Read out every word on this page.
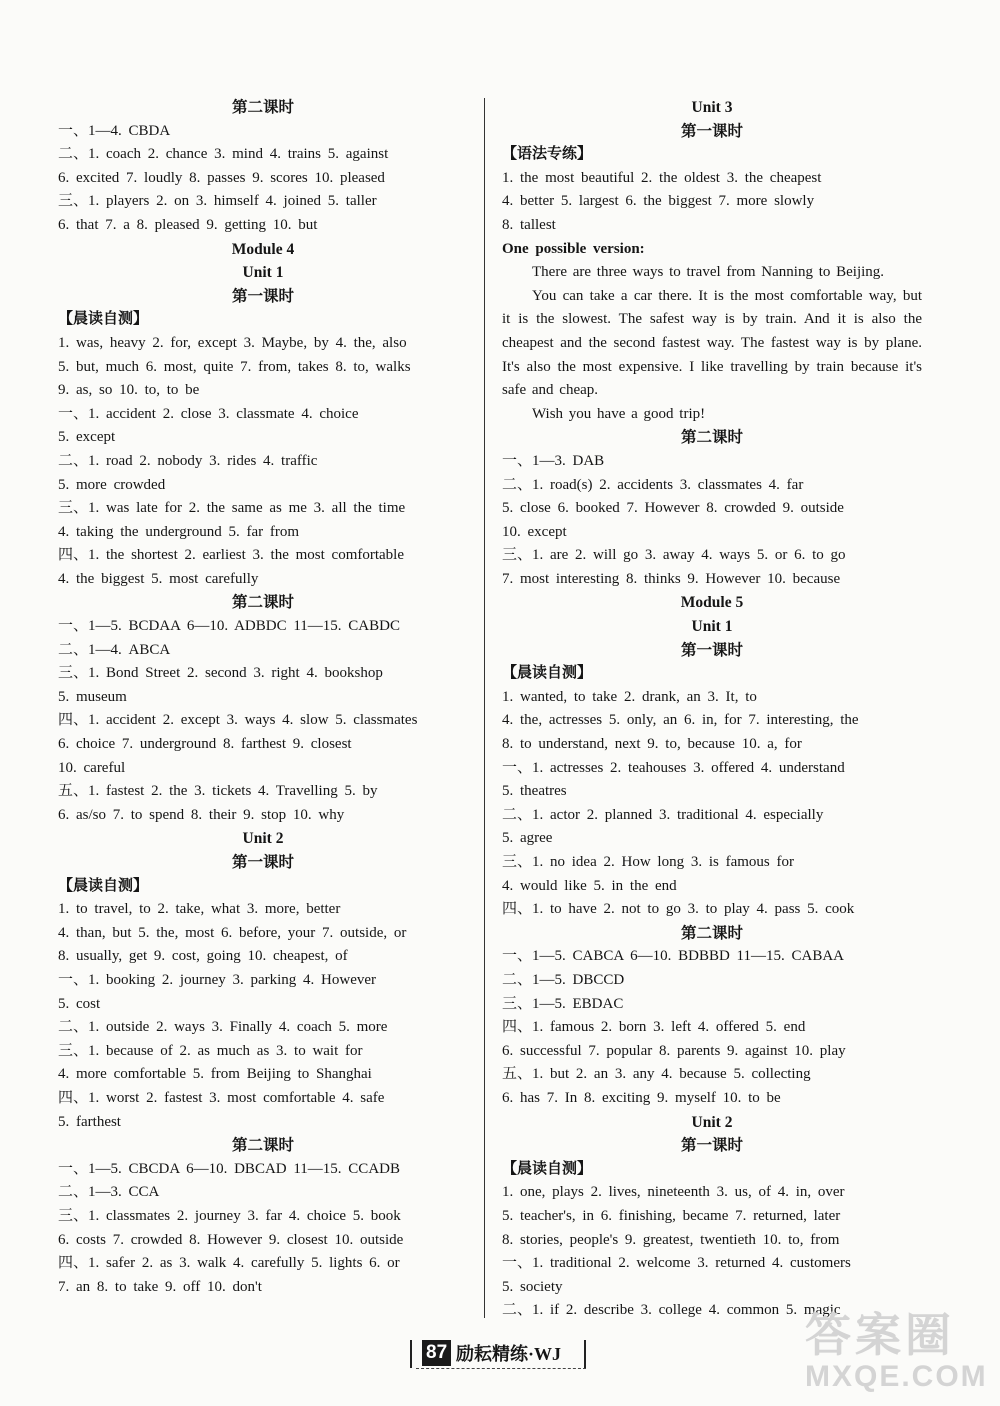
第二课时
一、1—4. CBDA
二、1. coach 2. chance 3. mind 4. trains 5. against
6. excited 7. loudly 8. passes 9. scores 10. pleased
三、1. players 2. on 3. himself 4. joined 5. taller
6. that 7. a 8. pleased 9. getting 10. but
Module 4
Unit 1
第一课时
【晨读自测】
1. was, heavy 2. for, except 3. Maybe, by 4. the, also
5. but, much 6. most, quite 7. from, takes 8. to, walks
9. as, so 10. to, to be
一、1. accident 2. close 3. classmate 4. choice
5. except
二、1. road 2. nobody 3. rides 4. traffic
5. more crowded
三、1. was late for 2. the same as me 3. all the time
4. taking the underground 5. far from
四、1. the shortest 2. earliest 3. the most comfortable
4. the biggest 5. most carefully
第二课时
一、1—5. BCDAA 6—10. ADBDC 11—15. CABDC
二、1—4. ABCA
三、1. Bond Street 2. second 3. right 4. bookshop
5. museum
四、1. accident 2. except 3. ways 4. slow 5. classmates
6. choice 7. underground 8. farthest 9. closest
10. careful
五、1. fastest 2. the 3. tickets 4. Travelling 5. by
6. as/so 7. to spend 8. their 9. stop 10. why
Unit 2
第一课时
【晨读自测】
1. to travel, to 2. take, what 3. more, better
4. than, but 5. the, most 6. before, your 7. outside, or
8. usually, get 9. cost, going 10. cheapest, of
一、1. booking 2. journey 3. parking 4. However
5. cost
二、1. outside 2. ways 3. Finally 4. coach 5. more
三、1. because of 2. as much as 3. to wait for
4. more comfortable 5. from Beijing to Shanghai
四、1. worst 2. fastest 3. most comfortable 4. safe
5. farthest
第二课时
一、1—5. CBCDA 6—10. DBCAD 11—15. CCADB
二、1—3. CCA
三、1. classmates 2. journey 3. far 4. choice 5. book
6. costs 7. crowded 8. However 9. closest 10. outside
四、1. safer 2. as 3. walk 4. carefully 5. lights 6. or
7. an 8. to take 9. off 10. don't
Unit 3
第一课时
【语法专练】
1. the most beautiful 2. the oldest 3. the cheapest
4. better 5. largest 6. the biggest 7. more slowly
8. tallest
One possible version:
There are three ways to travel from Nanning to Beijing.
You can take a car there. It is the most comfortable way, but it is the slowest. The safest way is by train. And it is also the cheapest and the second fastest way. The fastest way is by plane. It's also the most expensive. I like travelling by train because it's safe and cheap.
Wish you have a good trip!
第二课时
一、1—3. DAB
二、1. road(s) 2. accidents 3. classmates 4. far
5. close 6. booked 7. However 8. crowded 9. outside
10. except
三、1. are 2. will go 3. away 4. ways 5. or 6. to go
7. most interesting 8. thinks 9. However 10. because
Module 5
Unit 1
第一课时
【晨读自测】
1. wanted, to take 2. drank, an 3. It, to
4. the, actresses 5. only, an 6. in, for 7. interesting, the
8. to understand, next 9. to, because 10. a, for
一、1. actresses 2. teahouses 3. offered 4. understand
5. theatres
二、1. actor 2. planned 3. traditional 4. especially
5. agree
三、1. no idea 2. How long 3. is famous for
4. would like 5. in the end
四、1. to have 2. not to go 3. to play 4. pass 5. cook
第二课时
一、1—5. CABCA 6—10. BDBBD 11—15. CABAA
二、1—5. DBCCD
三、1—5. EBDAC
四、1. famous 2. born 3. left 4. offered 5. end
6. successful 7. popular 8. parents 9. against 10. play
五、1. but 2. an 3. any 4. because 5. collecting
6. has 7. In 8. exciting 9. myself 10. to be
Unit 2
第一课时
【晨读自测】
1. one, plays 2. lives, nineteenth 3. us, of 4. in, over
5. teacher's, in 6. finishing, became 7. returned, later
8. stories, people's 9. greatest, twentieth 10. to, from
一、1. traditional 2. welcome 3. returned 4. customers
5. society
二、1. if 2. describe 3. college 4. common 5. magic
87 励耘精练·WJ	答案圈
MXQE.COM
